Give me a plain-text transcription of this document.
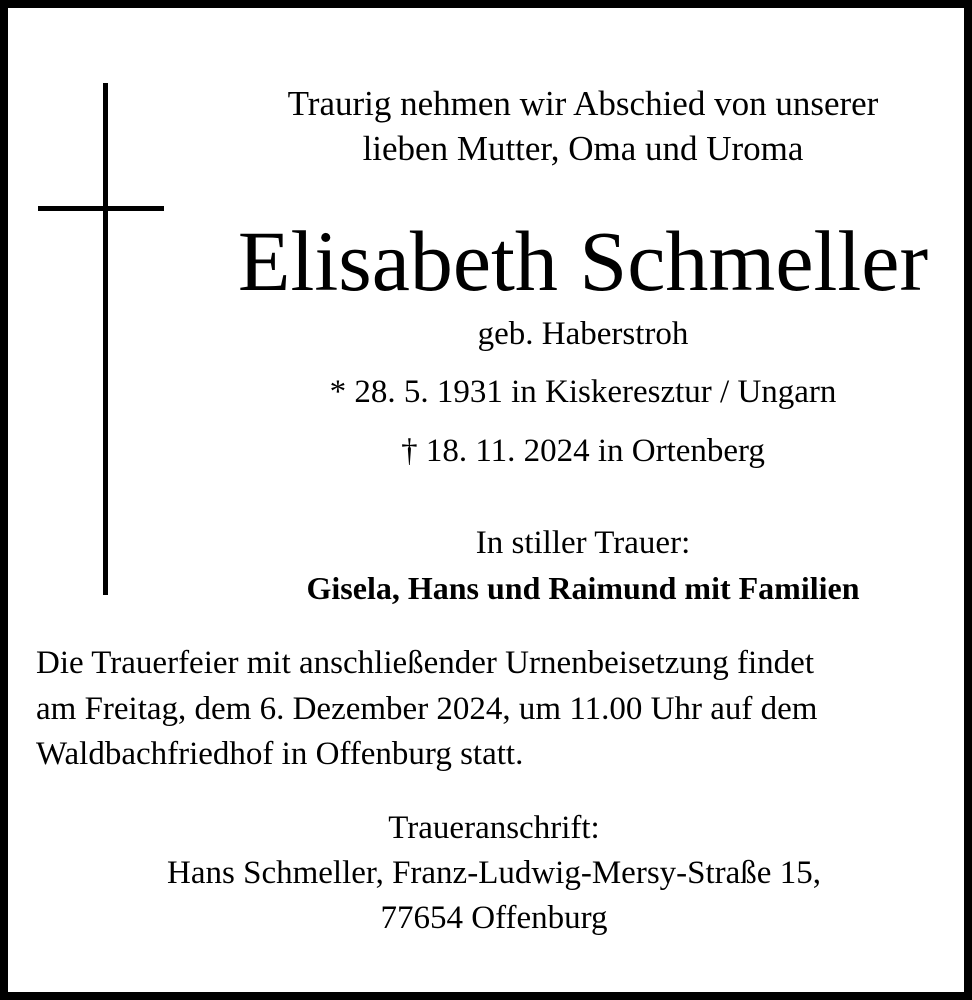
Traurig nehmen wir Abschied von unserer
lieben Mutter, Oma und Uroma
Elisabeth Schmeller
geb. Haberstroh
* 28. 5. 1931 in Kiskeresztur / Ungarn
† 18. 11. 2024 in Ortenberg
In stiller Trauer:
Gisela, Hans und Raimund mit Familien
Die Trauerfeier mit anschließender Urnenbeisetzung findet
am Freitag, dem 6. Dezember 2024, um 11.00 Uhr auf dem
Waldbachfriedhof in Offenburg statt.
Traueranschrift:
Hans Schmeller, Franz-Ludwig-Mersy-Straße 15,
77654 Offenburg
